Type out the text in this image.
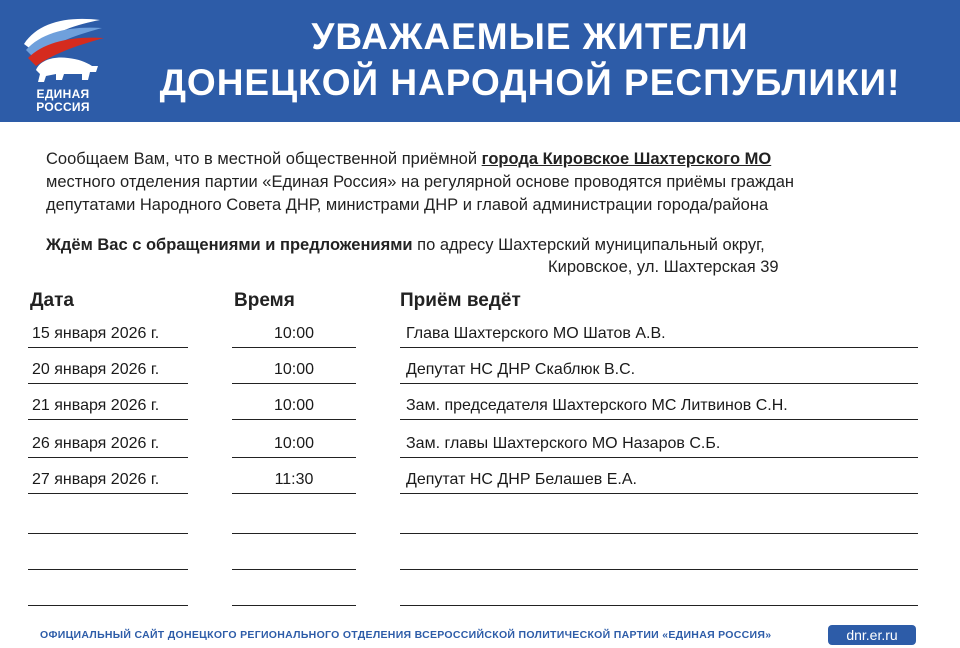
ЕДИНАЯ
РОССИЯ
УВАЖАЕМЫЕ ЖИТЕЛИ
ДОНЕЦКОЙ НАРОДНОЙ РЕСПУБЛИКИ!
Сообщаем Вам, что в местной общественной приёмной города Кировское Шахтерского МО
местного отделения партии «Единая Россия» на регулярной основе проводятся приёмы граждан
депутатами Народного Совета ДНР, министрами ДНР и главой администрации города/района
Ждём Вас с обращениями и предложениями по адресу Шахтерский муниципальный округ,
Кировское, ул. Шахтерская 39
Дата	Время	Приём ведёт
15 января 2026 г.	10:00	Глава Шахтерского МО Шатов А.В.
20 января 2026 г.	10:00	Депутат НС ДНР Скаблюк В.С.
21 января 2026 г.	10:00	Зам. председателя Шахтерского МС Литвинов С.Н.
26 января 2026 г.	10:00	Зам. главы Шахтерского МО Назаров С.Б.
27 января 2026 г.	11:30	Депутат НС ДНР Белашев Е.А.
ОФИЦИАЛЬНЫЙ САЙТ ДОНЕЦКОГО РЕГИОНАЛЬНОГО ОТДЕЛЕНИЯ ВСЕРОССИЙСКОЙ ПОЛИТИЧЕСКОЙ ПАРТИИ «ЕДИНАЯ РОССИЯ»	dnr.er.ru
